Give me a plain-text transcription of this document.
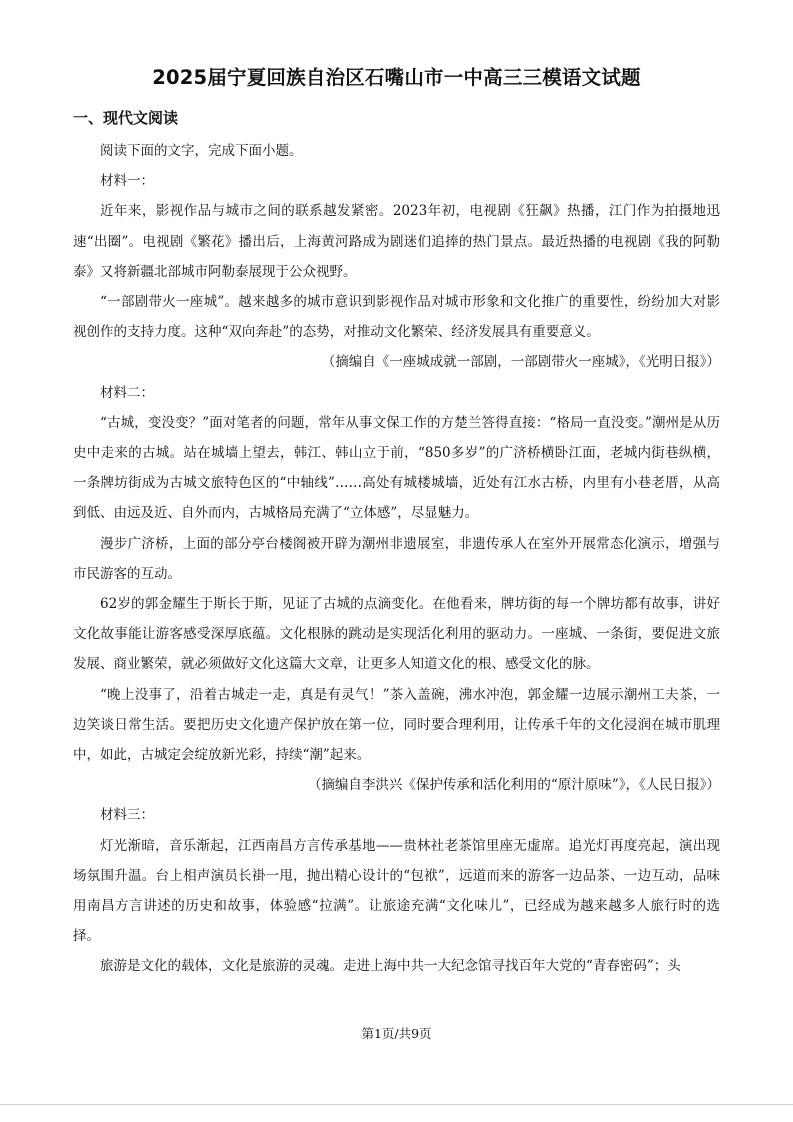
2025届宁夏回族自治区石嘴山市一中高三三模语文试题
一、现代文阅读

阅读下面的文字，完成下面小题。

材料一：

近年来，影视作品与城市之间的联系越发紧密。2023年初，电视剧《狂飙》热播，江门作为拍摄地迅速“出圈”。电视剧《繁花》播出后，上海黄河路成为剧迷们追捧的热门景点。最近热播的电视剧《我的阿勒泰》又将新疆北部城市阿勒泰展现于公众视野。

“一部剧带火一座城”。越来越多的城市意识到影视作品对城市形象和文化推广的重要性，纷纷加大对影视创作的支持力度。这种“双向奔赴”的态势，对推动文化繁荣、经济发展具有重要意义。

（摘编自《一座城成就一部剧，一部剧带火一座城》，《光明日报》）

材料二：

“古城，变没变？”面对笔者的问题，常年从事文保工作的方楚兰答得直接：“格局一直没变。”潮州是从历史中走来的古城。站在城墙上望去，韩江、韩山立于前，“850多岁”的广济桥横卧江面，老城内街巷纵横，一条牌坊街成为古城文旅特色区的“中轴线”……高处有城楼城墙，近处有江水古桥，内里有小巷老厝，从高到低、由远及近、自外而内，古城格局充满了“立体感”，尽显魅力。

漫步广济桥，上面的部分亭台楼阁被开辟为潮州非遗展室，非遗传承人在室外开展常态化演示，增强与市民游客的互动。

62岁的郭金耀生于斯长于斯，见证了古城的点滴变化。在他看来，牌坊街的每一个牌坊都有故事，讲好文化故事能让游客感受深厚底蕴。文化根脉的跳动是实现活化利用的驱动力。一座城、一条街，要促进文旅发展、商业繁荣，就必须做好文化这篇大文章，让更多人知道文化的根、感受文化的脉。

“晚上没事了，沿着古城走一走，真是有灵气！”茶入盖碗，沸水冲泡，郭金耀一边展示潮州工夫茶，一边笑谈日常生活。要把历史文化遗产保护放在第一位，同时要合理利用，让传承千年的文化浸润在城市肌理中，如此，古城定会绽放新光彩，持续“潮”起来。

（摘编自李洪兴《保护传承和活化利用的“原汁原味”》，《人民日报》）

材料三：

灯光渐暗，音乐渐起，江西南昌方言传承基地——贵林社老茶馆里座无虚席。追光灯再度亮起，演出现场氛围升温。台上相声演员长褂一甩，抛出精心设计的“包袱”，远道而来的游客一边品茶、一边互动，品味用南昌方言讲述的历史和故事，体验感“拉满”。让旅途充满“文化味儿”，已经成为越来越多人旅行时的选择。

旅游是文化的载体，文化是旅游的灵魂。走进上海中共一大纪念馆寻找百年大党的“青春密码”；头

第1页/共9页
